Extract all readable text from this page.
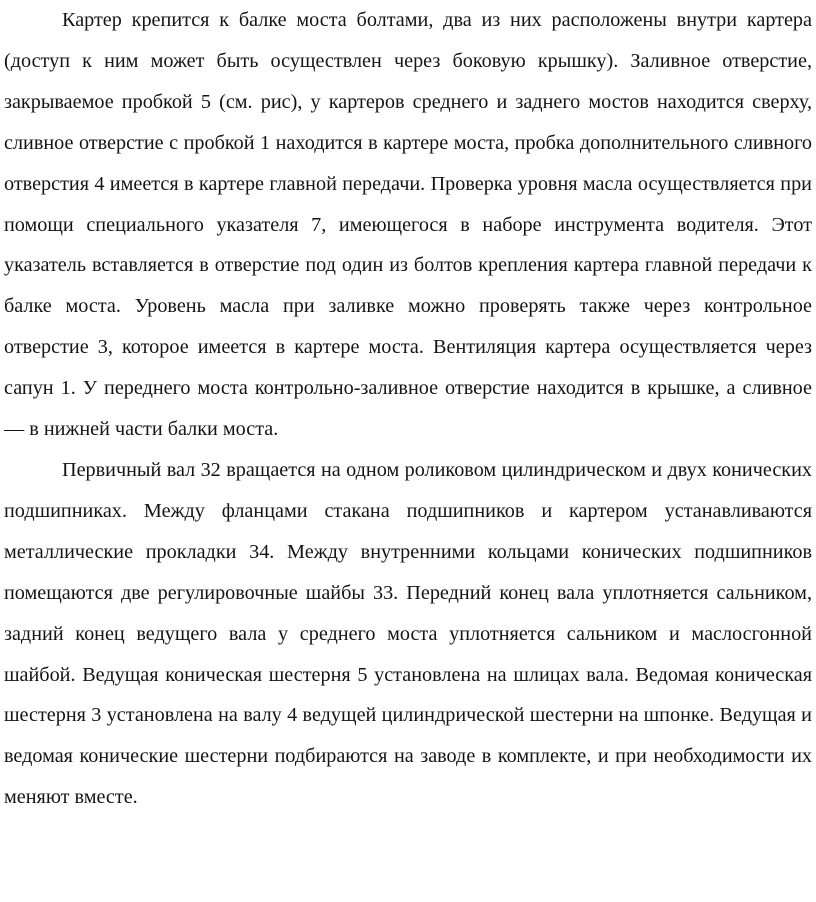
Картер крепится к балке моста болтами, два из них расположены внутри картера (доступ к ним может быть осуществлен через боковую крышку). Заливное отверстие, закрываемое пробкой 5 (см. рис), у картеров среднего и заднего мостов находится сверху, сливное отверстие с пробкой 1 находится в картере моста, пробка дополнительного сливного отверстия 4 имеется в картере главной передачи. Проверка уровня масла осуществляется при помощи специального указателя 7, имеющегося в наборе инструмента водителя. Этот указатель вставляется в отверстие под один из болтов крепления картера главной передачи к балке моста. Уровень масла при заливке можно проверять также через контрольное отверстие 3, которое имеется в картере моста. Вентиляция картера осуществляется через сапун 1. У переднего моста контрольно-заливное отверстие находится в крышке, а сливное — в нижней части балки моста.

Первичный вал 32 вращается на одном роликовом цилиндрическом и двух конических подшипниках. Между фланцами стакана подшипников и картером устанавливаются металлические прокладки 34. Между внутренними кольцами конических подшипников помещаются две регулировочные шайбы 33. Передний конец вала уплотняется сальником, задний конец ведущего вала у среднего моста уплотняется сальником и маслосгонной шайбой. Ведущая коническая шестерня 5 установлена на шлицах вала. Ведомая коническая шестерня 3 установлена на валу 4 ведущей цилиндрической шестерни на шпонке. Ведущая и ведомая конические шестерни подбираются на заводе в комплекте, и при необходимости их меняют вместе.
